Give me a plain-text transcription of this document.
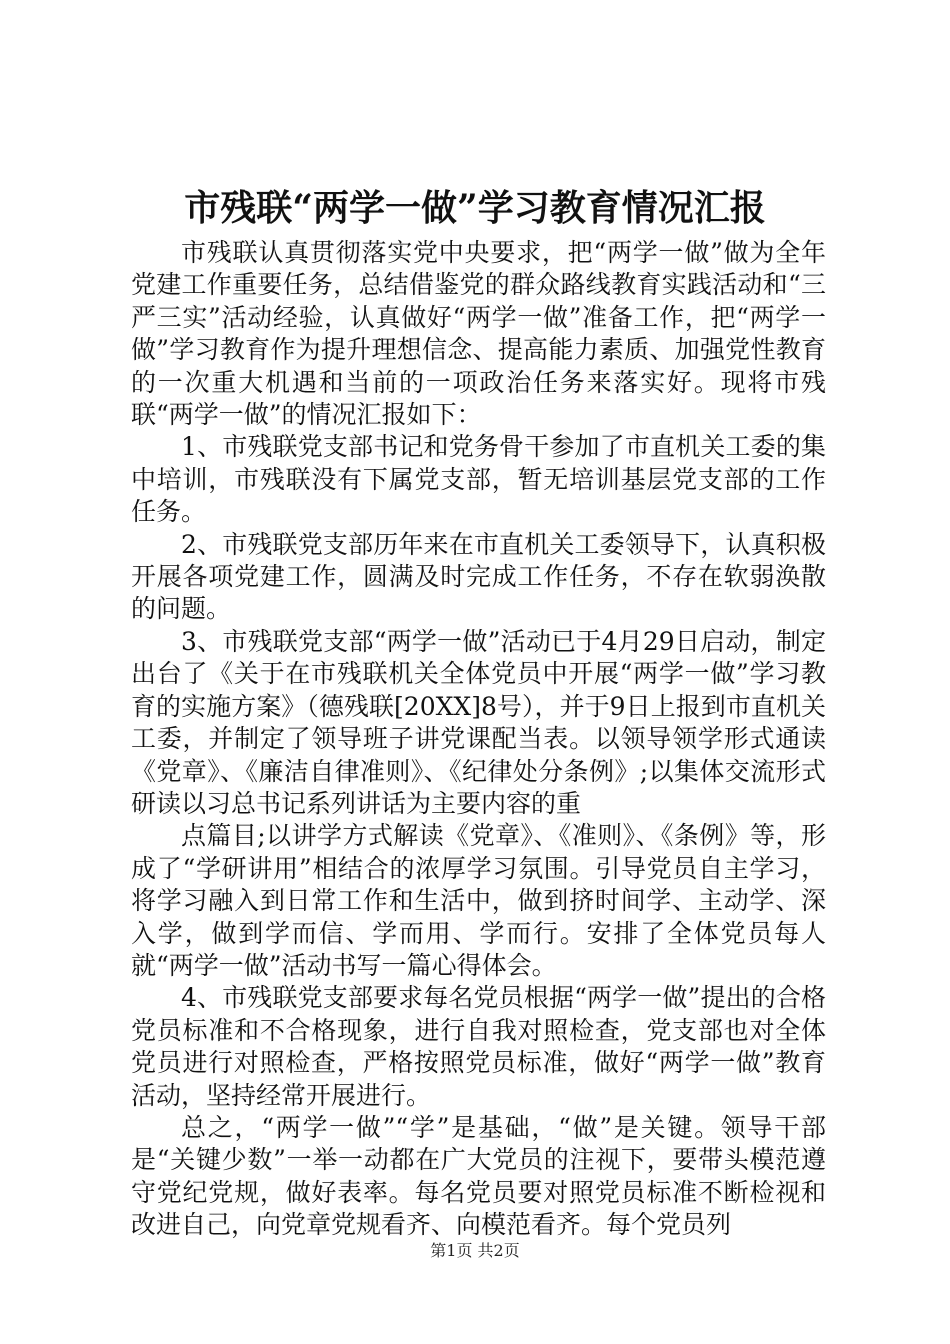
市残联“两学一做”学习教育情况汇报

市残联认真贯彻落实党中央要求，把“两学一做”做为全年党建工作重要任务，总结借鉴党的群众路线教育实践活动和“三严三实”活动经验，认真做好“两学一做”准备工作，把“两学一做”学习教育作为提升理想信念、提高能力素质、加强党性教育的一次重大机遇和当前的一项政治任务来落实好。现将市残联“两学一做”的情况汇报如下：

1、市残联党支部书记和党务骨干参加了市直机关工委的集中培训，市残联没有下属党支部，暂无培训基层党支部的工作任务。

2、市残联党支部历年来在市直机关工委领导下，认真积极开展各项党建工作，圆满及时完成工作任务，不存在软弱涣散的问题。

3、市残联党支部“两学一做”活动已于4月29日启动，制定出台了《关于在市残联机关全体党员中开展“两学一做”学习教育的实施方案》（德残联[20XX]8号），并于9日上报到市直机关工委，并制定了领导班子讲党课配当表。以领导领学形式通读《党章》、《廉洁自律准则》、《纪律处分条例》;以集体交流形式研读以习总书记系列讲话为主要内容的重

点篇目;以讲学方式解读《党章》、《准则》、《条例》等，形成了“学研讲用”相结合的浓厚学习氛围。引导党员自主学习，将学习融入到日常工作和生活中，做到挤时间学、主动学、深入学，做到学而信、学而用、学而行。安排了全体党员每人就“两学一做”活动书写一篇心得体会。

4、市残联党支部要求每名党员根据“两学一做”提出的合格党员标准和不合格现象，进行自我对照检查，党支部也对全体党员进行对照检查，严格按照党员标准，做好“两学一做”教育活动，坚持经常开展进行。

总之，“两学一做”“学”是基础，“做”是关键。领导干部是“关键少数”一举一动都在广大党员的注视下，要带头模范遵守党纪党规，做好表率。每名党员要对照党员标准不断检视和改进自己，向党章党规看齐、向模范看齐。每个党员列

第1页 共2页
